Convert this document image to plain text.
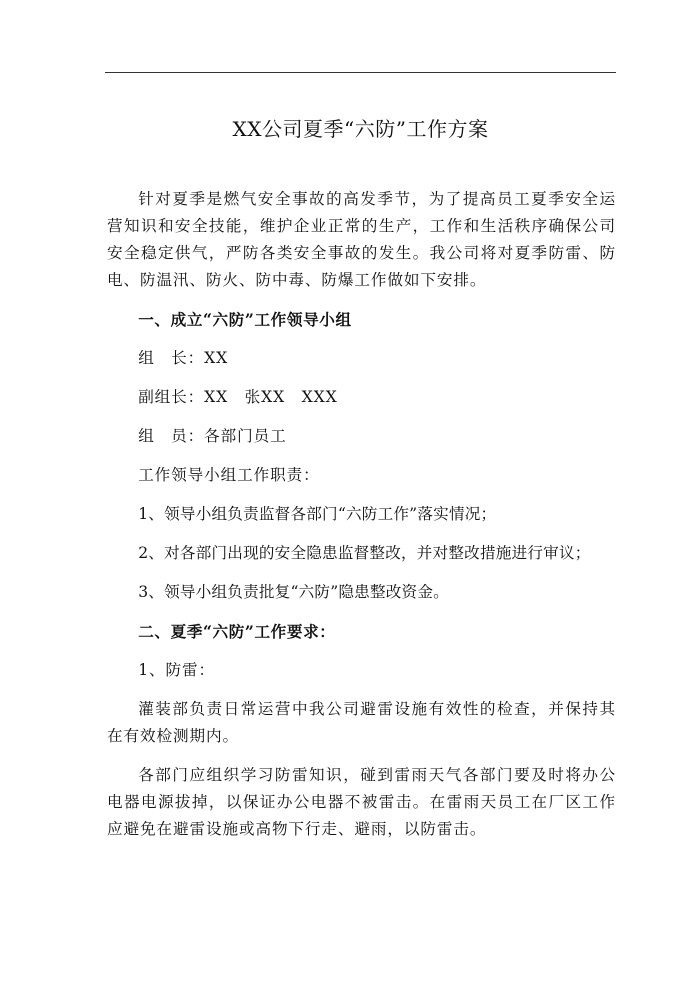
XX公司夏季“六防”工作方案

针对夏季是燃气安全事故的高发季节，为了提高员工夏季安全运营知识和安全技能，维护企业正常的生产，工作和生活秩序确保公司安全稳定供气，严防各类安全事故的发生。我公司将对夏季防雷、防电、防温汛、防火、防中毒、防爆工作做如下安排。

一、成立“六防”工作领导小组

组　长：XX

副组长：XX　张XX　XXX

组　员：各部门员工

工作领导小组工作职责：

1、领导小组负责监督各部门“六防工作”落实情况；

2、对各部门出现的安全隐患监督整改，并对整改措施进行审议；

3、领导小组负责批复“六防”隐患整改资金。

二、夏季“六防”工作要求：

1、防雷：

灌装部负责日常运营中我公司避雷设施有效性的检查，并保持其在有效检测期内。

各部门应组织学习防雷知识，碰到雷雨天气各部门要及时将办公电器电源拔掉，以保证办公电器不被雷击。在雷雨天员工在厂区工作应避免在避雷设施或高物下行走、避雨，以防雷击。
